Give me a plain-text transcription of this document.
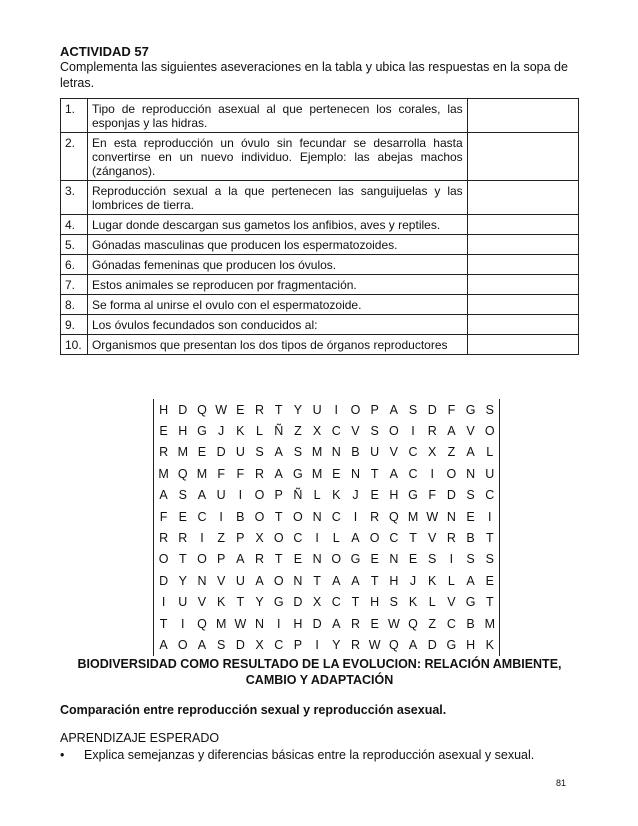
ACTIVIDAD 57
Complementa las siguientes aseveraciones en la tabla y ubica las respuestas en la sopa de letras.
1.	Tipo de reproducción asexual al que pertenecen los corales, las esponjas y las hidras.	
2.	En esta reproducción un óvulo sin fecundar se desarrolla hasta convertirse en un nuevo individuo. Ejemplo: las abejas machos (zánganos).	
3.	Reproducción sexual a la que pertenecen las sanguijuelas y las lombrices de tierra.	
4.	Lugar donde descargan sus gametos los anfibios, aves y reptiles.	
5.	Gónadas masculinas que producen los espermatozoides.	
6.	Gónadas femeninas que producen los óvulos.	
7.	Estos animales se reproducen por fragmentación.	
8.	Se forma al unirse el ovulo con el espermatozoide.	
9.	Los óvulos fecundados son conducidos al:	
10.	Organismos que presentan los dos tipos de órganos reproductores	
H D Q W E R T Y U	I	O P A S D F G S
E H G J K L Ñ Z X C V S O	I	R A V O
R M E D U S A S M N B U V C X Z A L
M Q M F F R A G M E N T A C	I	O N U
A S A U	I	O P Ñ L K J E H G F D S C
F E C	I	B O T O N C	I	R Q M W N E	I
R R	I	Z P X O C	I	L A O C T V R B T
O T O P A R T E N O G E N E S	I	S S
D Y N V U A O N T A A T H J K L A E
I	U V K T Y G D X C T H S K L V G T
T	I	Q M W N	I	H D A R E W Q Z C B M
A O A S D X C P	I	Y R W Q A D G H K
BIODIVERSIDAD COMO RESULTADO DE LA EVOLUCION: RELACIÓN AMBIENTE, CAMBIO Y ADAPTACIÓN
Comparación entre reproducción sexual y reproducción asexual.
APRENDIZAJE ESPERADO
• Explica semejanzas y diferencias básicas entre la reproducción asexual y sexual.
81
